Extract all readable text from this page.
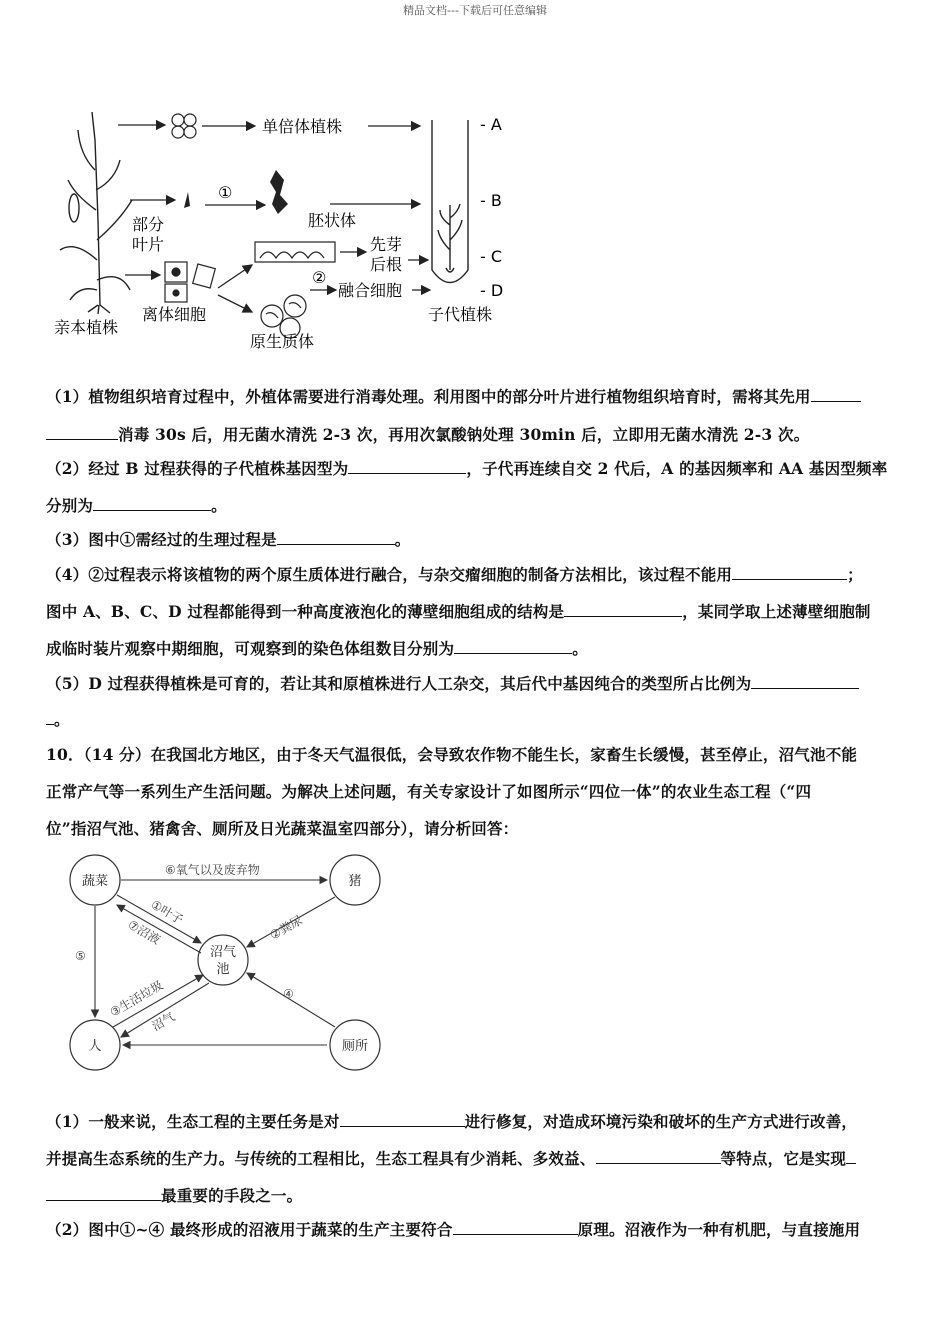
精品文档---下载后可任意编辑
亲本植株
部分
叶片
单倍体植株
①
胚状体
离体细胞
先芽
后根
原生质体
②
融合细胞
- A
- B
- C
- D
子代植株
（1）植物组织培育过程中，外植体需要进行消毒处理。利用图中的部分叶片进行植物组织培育时，需将其先用
消毒 30s 后，用无菌水清洗 2-3 次，再用次氯酸钠处理 30min 后，立即用无菌水清洗 2-3 次。
（2）经过 B 过程获得的子代植株基因型为	，子代再连续自交 2 代后，A 的基因频率和 AA 基因型频率
分别为	。
（3）图中①需经过的生理过程是	。
（4）②过程表示将该植物的两个原生质体进行融合，与杂交瘤细胞的制备方法相比，该过程不能用	；
图中 A、B、C、D 过程都能得到一种高度液泡化的薄壁细胞组成的结构是	，某同学取上述薄壁细胞制
成临时装片观察中期细胞，可观察到的染色体组数目分别为	。
（5）D 过程获得植株是可育的，若让其和原植株进行人工杂交，其后代中基因纯合的类型所占比例为
。
10．（14 分）在我国北方地区，由于冬天气温很低，会导致农作物不能生长，家畜生长缓慢，甚至停止，沼气池不能
正常产气等一系列生产生活问题。为解决上述问题，有关专家设计了如图所示“四位一体”的农业生态工程（“四
位”指沼气池、猪禽舍、厕所及日光蔬菜温室四部分），请分析回答：
蔬菜	猪
沼气
池
人	厕所
⑥氧气以及废弃物
①叶子
⑦沼液	②粪尿
⑤
③生活垃圾
沼气
④
（1）一般来说，生态工程的主要任务是对	进行修复，对造成环境污染和破坏的生产方式进行改善，
并提高生态系统的生产力。与传统的工程相比，生态工程具有少消耗、多效益、	等特点，它是实现
最重要的手段之一。
（2）图中①~④ 最终形成的沼液用于蔬菜的生产主要符合	原理。沼液作为一种有机肥，与直接施用
